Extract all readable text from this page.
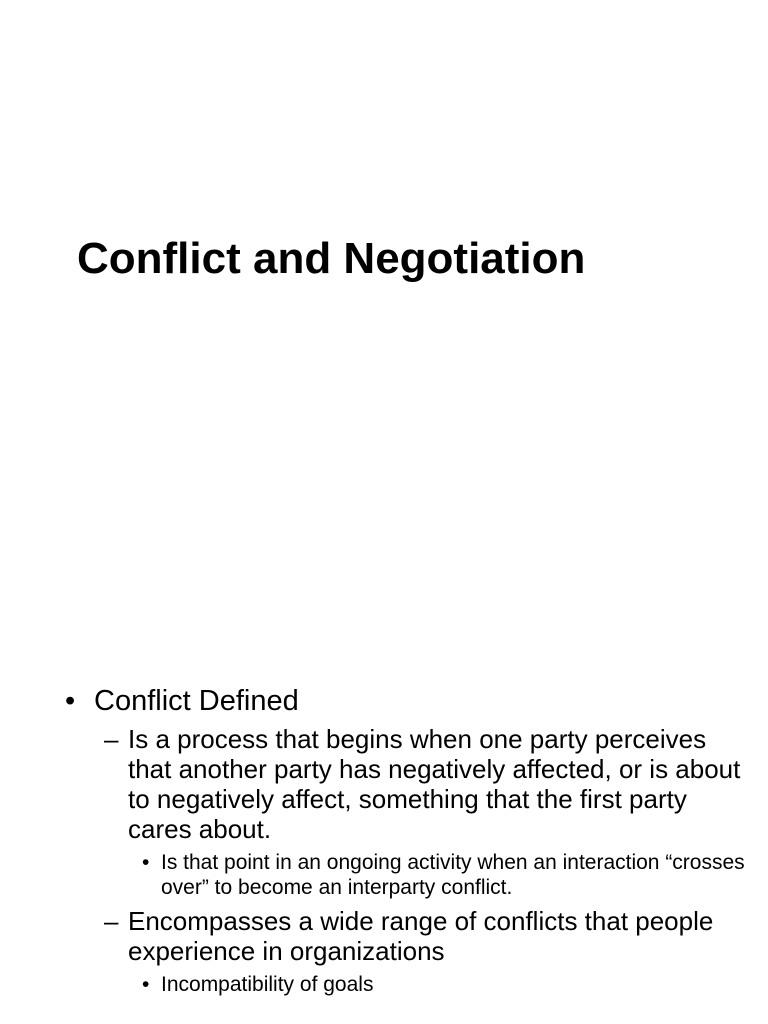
Conflict and Negotiation
• Conflict Defined
– Is a process that begins when one party perceives that another party has negatively affected, or is about to negatively affect, something that the first party cares about.
• Is that point in an ongoing activity when an interaction “crosses over” to become an interparty conflict.
– Encompasses a wide range of conflicts that people experience in organizations
• Incompatibility of goals
